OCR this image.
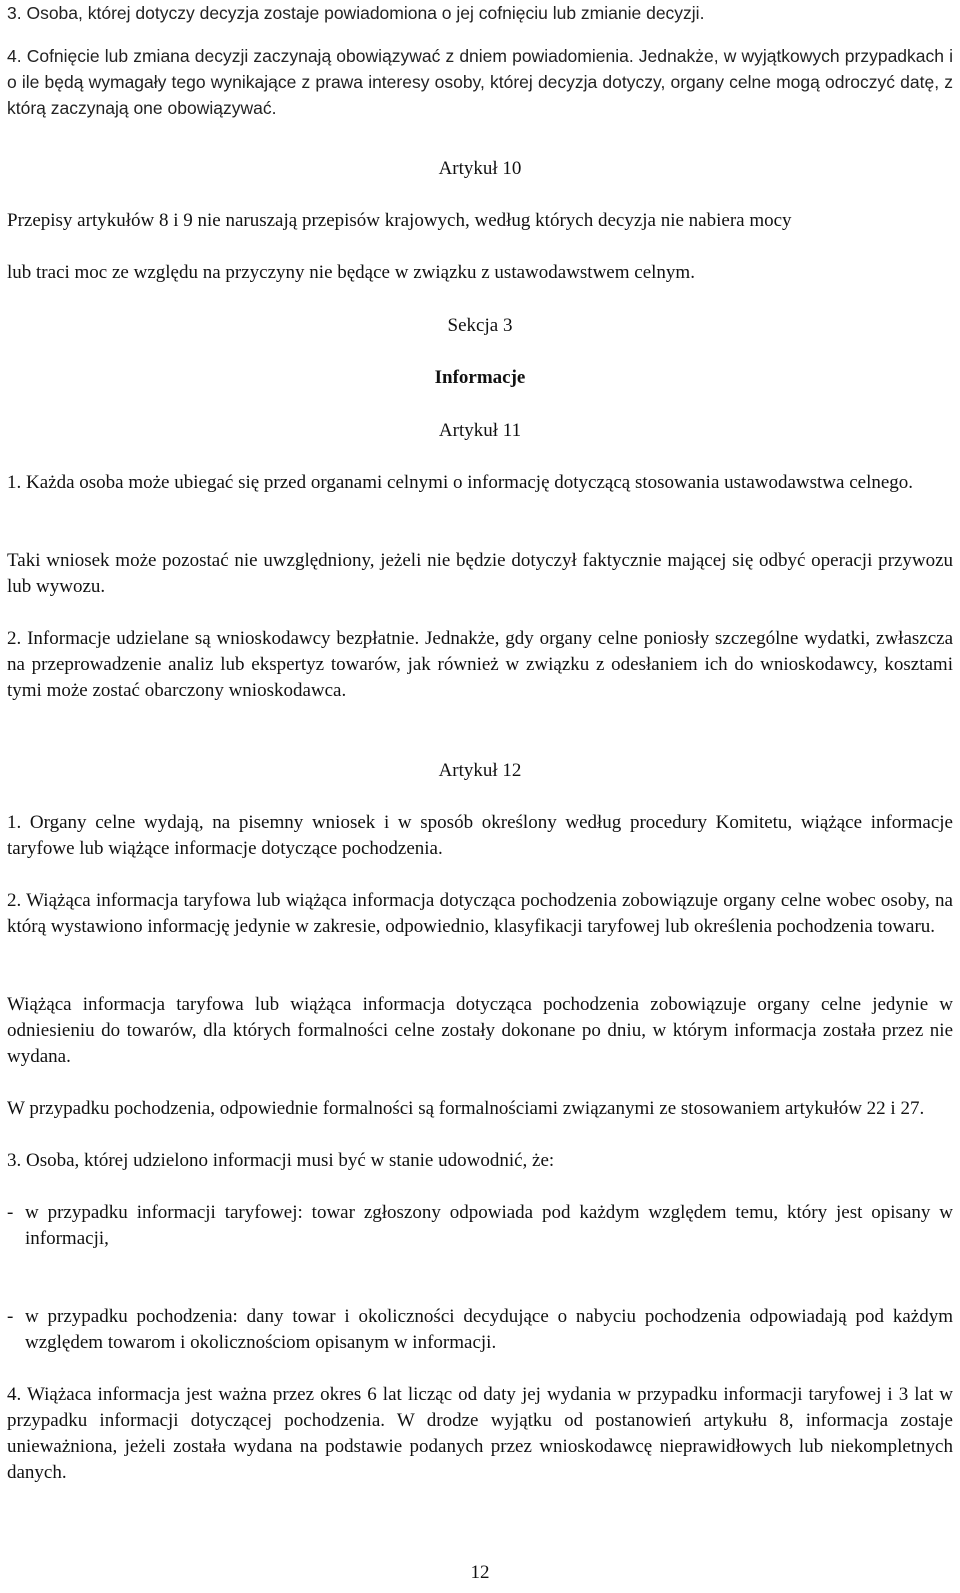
3. Osoba, której dotyczy decyzja zostaje powiadomiona o jej cofnięciu lub zmianie decyzji.

4. Cofnięcie lub zmiana decyzji zaczynają obowiązywać z dniem powiadomienia. Jednakże, w wyjątkowych przypadkach i o ile będą wymagały tego wynikające z prawa interesy osoby, której decyzja dotyczy, organy celne mogą odroczyć datę, z którą zaczynają one obowiązywać.

Artykuł 10

Przepisy artykułów 8 i 9 nie naruszają przepisów krajowych, według których decyzja nie nabiera mocy

lub traci moc ze względu na przyczyny nie będące w związku z ustawodawstwem celnym.

Sekcja 3

Informacje

Artykuł 11

1. Każda osoba może ubiegać się przed organami celnymi o informację dotyczącą stosowania ustawodawstwa celnego.

Taki wniosek może pozostać nie uwzględniony, jeżeli nie będzie dotyczył faktycznie mającej się odbyć operacji przywozu lub wywozu.

2. Informacje udzielane są wnioskodawcy bezpłatnie. Jednakże, gdy organy celne poniosły szczególne wydatki, zwłaszcza na przeprowadzenie analiz lub ekspertyz towarów, jak również w związku z odesłaniem ich do wnioskodawcy, kosztami tymi może zostać obarczony wnioskodawca.

Artykuł 12

1. Organy celne wydają, na pisemny wniosek i w sposób określony według procedury Komitetu, wiążące informacje taryfowe lub wiążące informacje dotyczące pochodzenia.

2. Wiążąca informacja taryfowa lub wiążąca informacja dotycząca pochodzenia zobowiązuje organy celne wobec osoby, na którą wystawiono informację jedynie w zakresie, odpowiednio, klasyfikacji taryfowej lub określenia pochodzenia towaru.

Wiążąca informacja taryfowa lub wiążąca informacja dotycząca pochodzenia zobowiązuje organy celne jedynie w odniesieniu do towarów, dla których formalności celne zostały dokonane po dniu, w którym informacja została przez nie wydana.

W przypadku pochodzenia, odpowiednie formalności są formalnościami związanymi ze stosowaniem artykułów 22 i 27.

3. Osoba, której udzielono informacji musi być w stanie udowodnić, że:

- w przypadku informacji taryfowej: towar zgłoszony odpowiada pod każdym względem temu, który jest opisany w informacji,
- w przypadku pochodzenia: dany towar i okoliczności decydujące o nabyciu pochodzenia odpowiadają pod każdym względem towarom i okolicznościom opisanym w informacji.

4. Wiążaca informacja jest ważna przez okres 6 lat licząc od daty jej wydania w przypadku informacji taryfowej i 3 lat w przypadku informacji dotyczącej pochodzenia. W drodze wyjątku od postanowień artykułu 8, informacja zostaje unieważniona, jeżeli została wydana na podstawie podanych przez wnioskodawcę nieprawidłowych lub niekompletnych danych.

12
